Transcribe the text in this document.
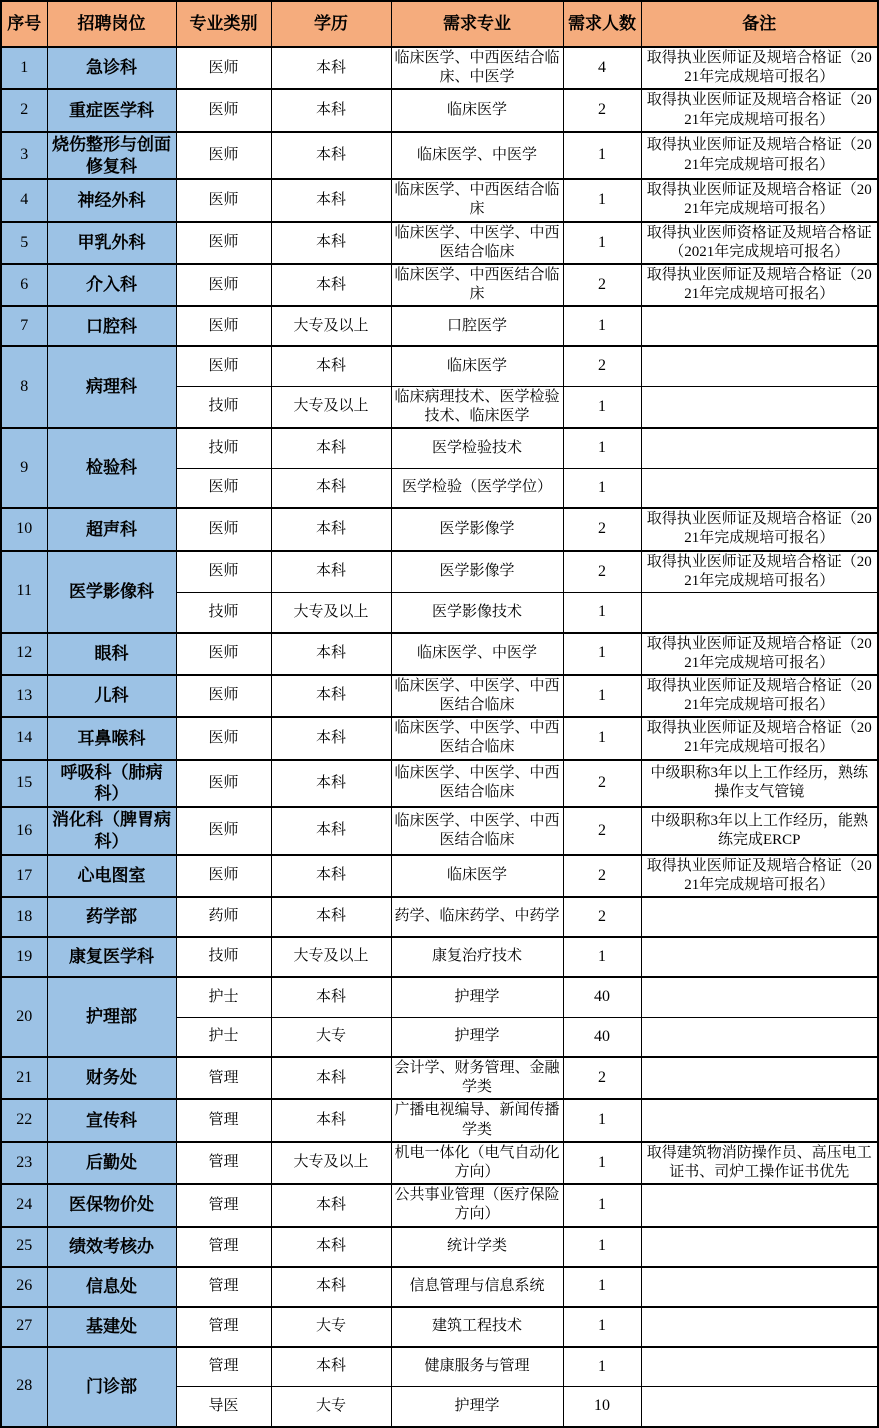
序号	招聘岗位	专业类别	学历	需求专业	需求人数	备注
1	急诊科	医师	本科	临床医学、中西医结合临床、中医学	4	取得执业医师证及规培合格证（2021年完成规培可报名）
2	重症医学科	医师	本科	临床医学	2	取得执业医师证及规培合格证（2021年完成规培可报名）
3	烧伤整形与创面修复科	医师	本科	临床医学、中医学	1	取得执业医师证及规培合格证（2021年完成规培可报名）
4	神经外科	医师	本科	临床医学、中西医结合临床	1	取得执业医师证及规培合格证（2021年完成规培可报名）
5	甲乳外科	医师	本科	临床医学、中医学、中西医结合临床	1	取得执业医师资格证及规培合格证（2021年完成规培可报名）
6	介入科	医师	本科	临床医学、中西医结合临床	2	取得执业医师证及规培合格证（2021年完成规培可报名）
7	口腔科	医师	大专及以上	口腔医学	1	
8	病理科	医师	本科	临床医学	2	
		技师	大专及以上	临床病理技术、医学检验技术、临床医学	1	
9	检验科	技师	本科	医学检验技术	1	
		医师	本科	医学检验（医学学位）	1	
10	超声科	医师	本科	医学影像学	2	取得执业医师证及规培合格证（2021年完成规培可报名）
11	医学影像科	医师	本科	医学影像学	2	取得执业医师证及规培合格证（2021年完成规培可报名）
		技师	大专及以上	医学影像技术	1	
12	眼科	医师	本科	临床医学、中医学	1	取得执业医师证及规培合格证（2021年完成规培可报名）
13	儿科	医师	本科	临床医学、中医学、中西医结合临床	1	取得执业医师证及规培合格证（2021年完成规培可报名）
14	耳鼻喉科	医师	本科	临床医学、中医学、中西医结合临床	1	取得执业医师证及规培合格证（2021年完成规培可报名）
15	呼吸科（肺病科）	医师	本科	临床医学、中医学、中西医结合临床	2	中级职称3年以上工作经历，熟练操作支气管镜
16	消化科（脾胃病科）	医师	本科	临床医学、中医学、中西医结合临床	2	中级职称3年以上工作经历，能熟练完成ERCP
17	心电图室	医师	本科	临床医学	2	取得执业医师证及规培合格证（2021年完成规培可报名）
18	药学部	药师	本科	药学、临床药学、中药学	2	
19	康复医学科	技师	大专及以上	康复治疗技术	1	
20	护理部	护士	本科	护理学	40	
		护士	大专	护理学	40	
21	财务处	管理	本科	会计学、财务管理、金融学类	2	
22	宣传科	管理	本科	广播电视编导、新闻传播学类	1	
23	后勤处	管理	大专及以上	机电一体化（电气自动化方向）	1	取得建筑物消防操作员、高压电工证书、司炉工操作证书优先
24	医保物价处	管理	本科	公共事业管理（医疗保险方向）	1	
25	绩效考核办	管理	本科	统计学类	1	
26	信息处	管理	本科	信息管理与信息系统	1	
27	基建处	管理	大专	建筑工程技术	1	
28	门诊部	管理	本科	健康服务与管理	1	
		导医	大专	护理学	10	
